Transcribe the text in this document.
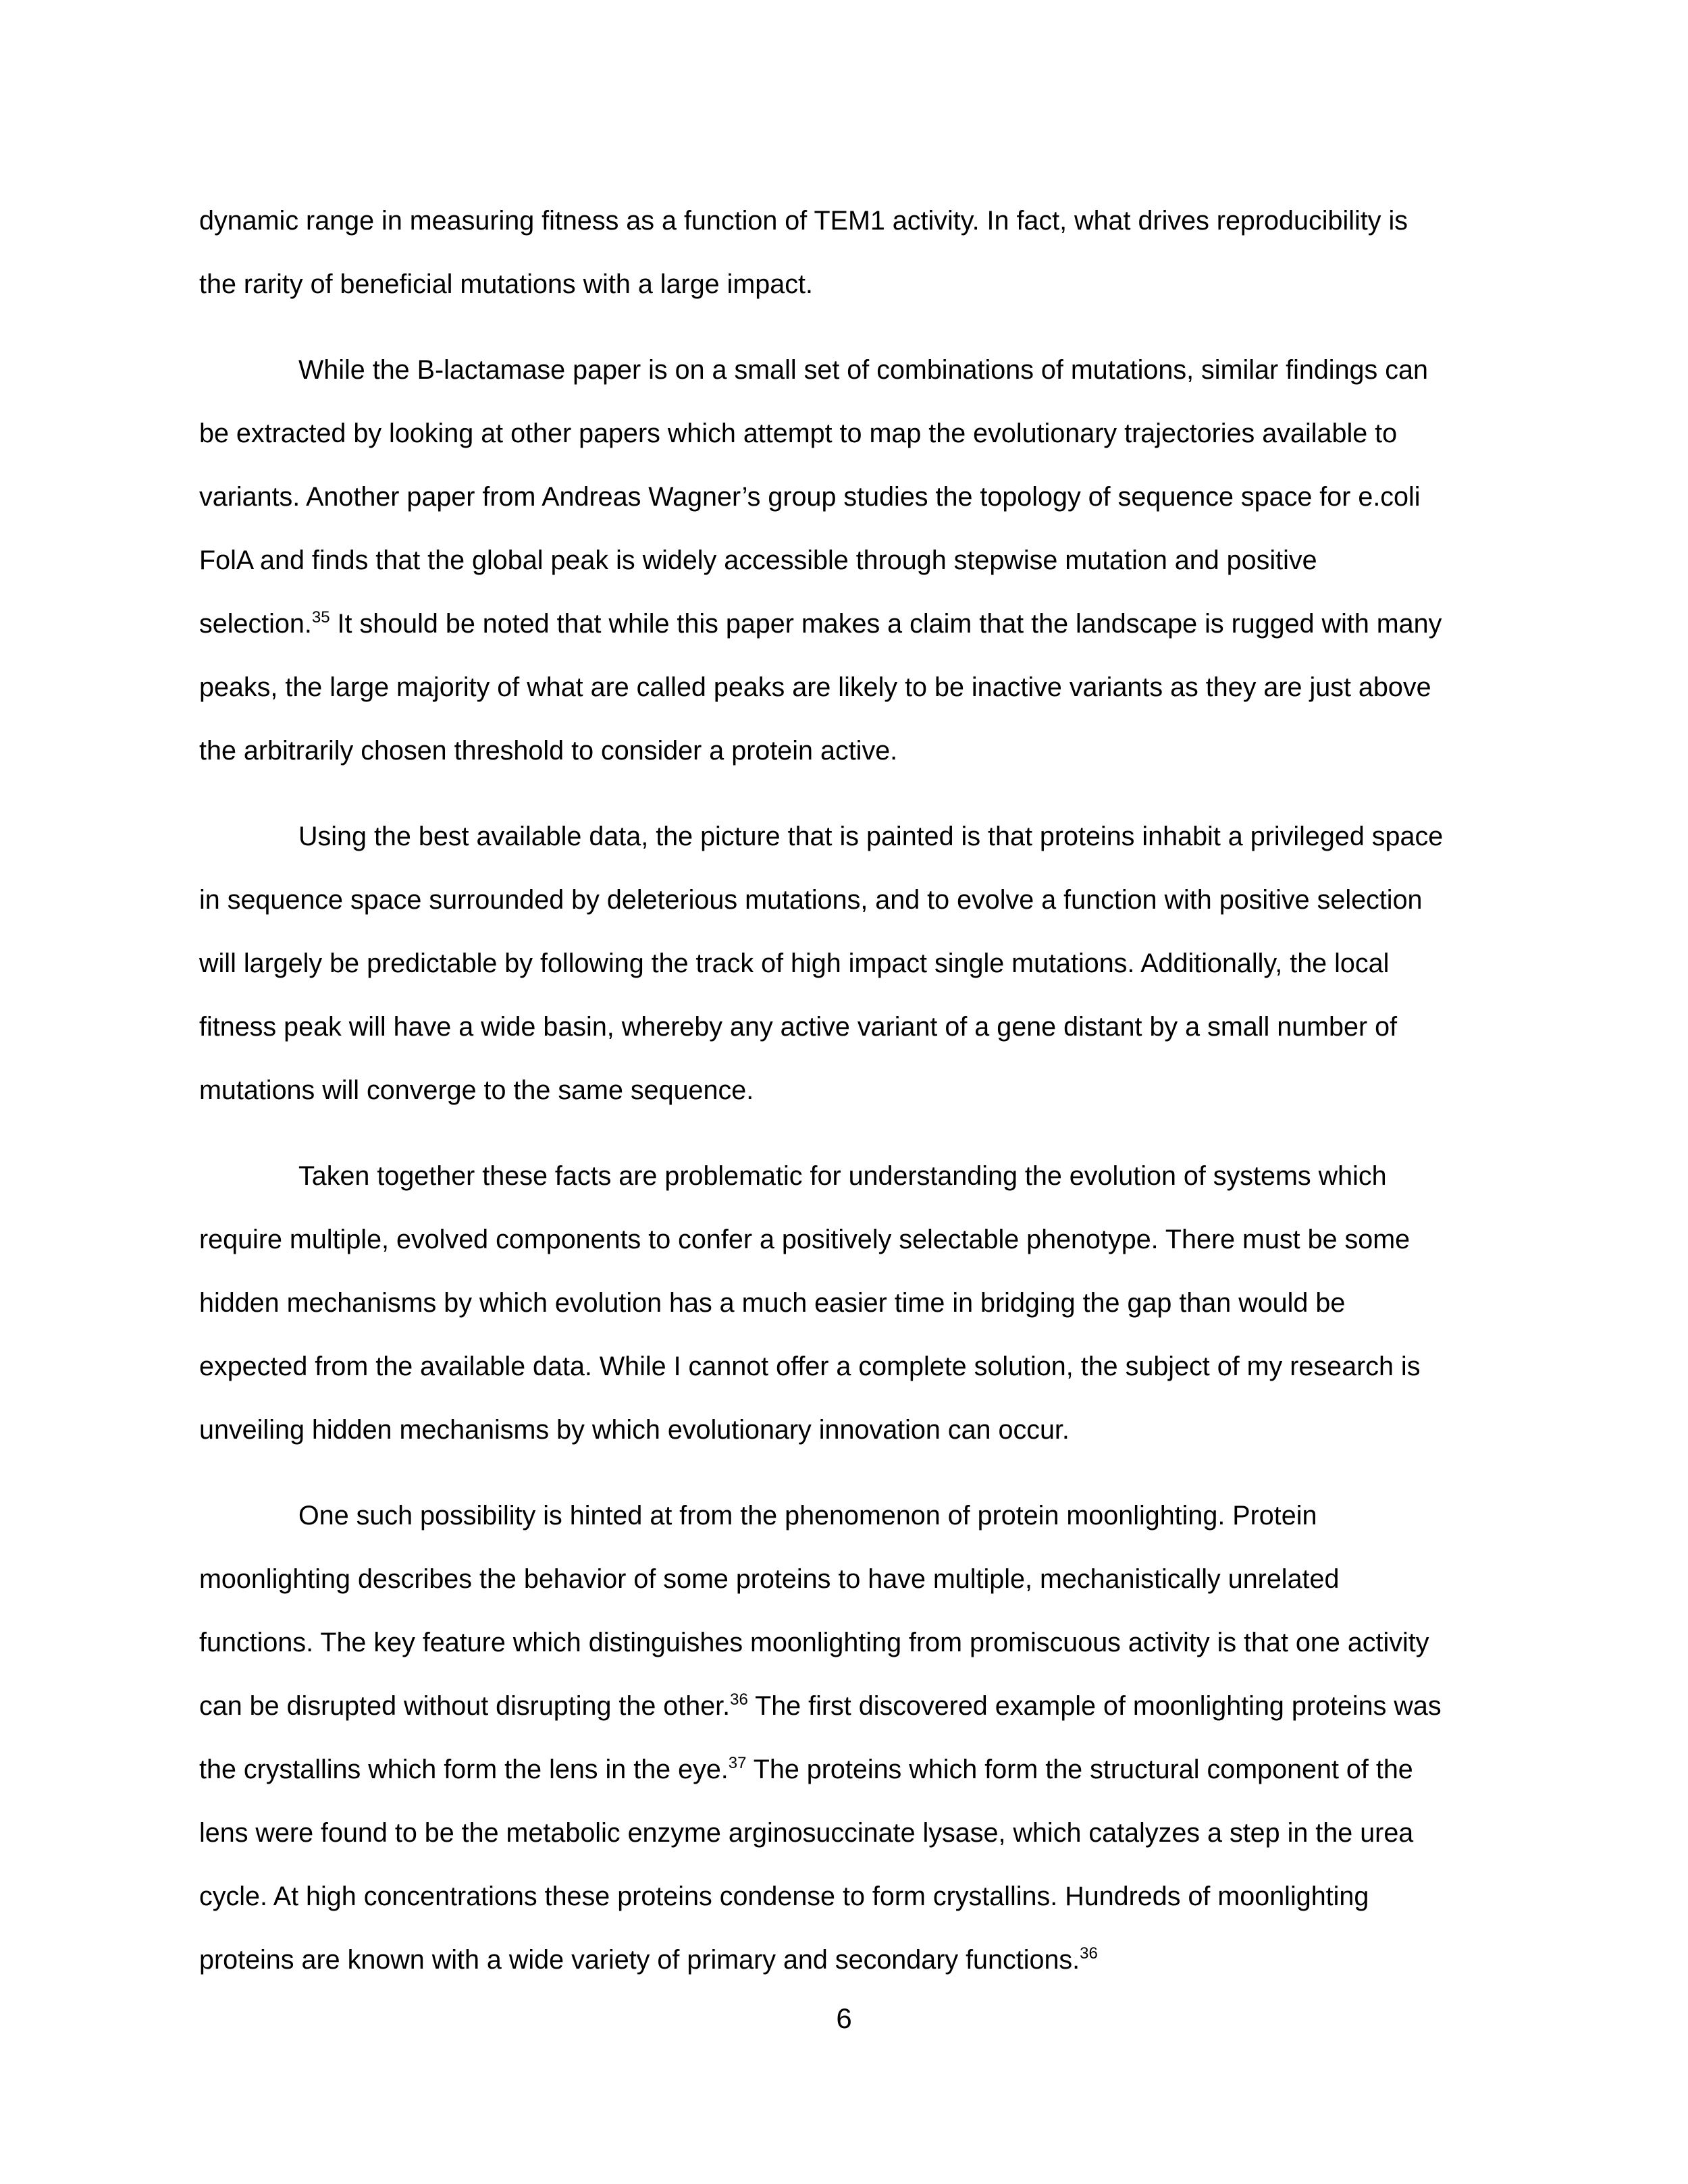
dynamic range in measuring fitness as a function of TEM1 activity. In fact, what drives reproducibility is
the rarity of beneficial mutations with a large impact.
While the B-lactamase paper is on a small set of combinations of mutations, similar findings can
be extracted by looking at other papers which attempt to map the evolutionary trajectories available to
variants. Another paper from Andreas Wagner’s group studies the topology of sequence space for e.coli
FolA and finds that the global peak is widely accessible through stepwise mutation and positive
selection.$^{35}$ It should be noted that while this paper makes a claim that the landscape is rugged with many
peaks, the large majority of what are called peaks are likely to be inactive variants as they are just above
the arbitrarily chosen threshold to consider a protein active.
Using the best available data, the picture that is painted is that proteins inhabit a privileged space
in sequence space surrounded by deleterious mutations, and to evolve a function with positive selection
will largely be predictable by following the track of high impact single mutations. Additionally, the local
fitness peak will have a wide basin, whereby any active variant of a gene distant by a small number of
mutations will converge to the same sequence.
Taken together these facts are problematic for understanding the evolution of systems which
require multiple, evolved components to confer a positively selectable phenotype. There must be some
hidden mechanisms by which evolution has a much easier time in bridging the gap than would be
expected from the available data. While I cannot offer a complete solution, the subject of my research is
unveiling hidden mechanisms by which evolutionary innovation can occur.
One such possibility is hinted at from the phenomenon of protein moonlighting. Protein
moonlighting describes the behavior of some proteins to have multiple, mechanistically unrelated
functions. The key feature which distinguishes moonlighting from promiscuous activity is that one activity
can be disrupted without disrupting the other.$^{36}$ The first discovered example of moonlighting proteins was
the crystallins which form the lens in the eye.$^{37}$ The proteins which form the structural component of the
lens were found to be the metabolic enzyme arginosuccinate lysase, which catalyzes a step in the urea
cycle. At high concentrations these proteins condense to form crystallins. Hundreds of moonlighting
proteins are known with a wide variety of primary and secondary functions.$^{36}$
6
